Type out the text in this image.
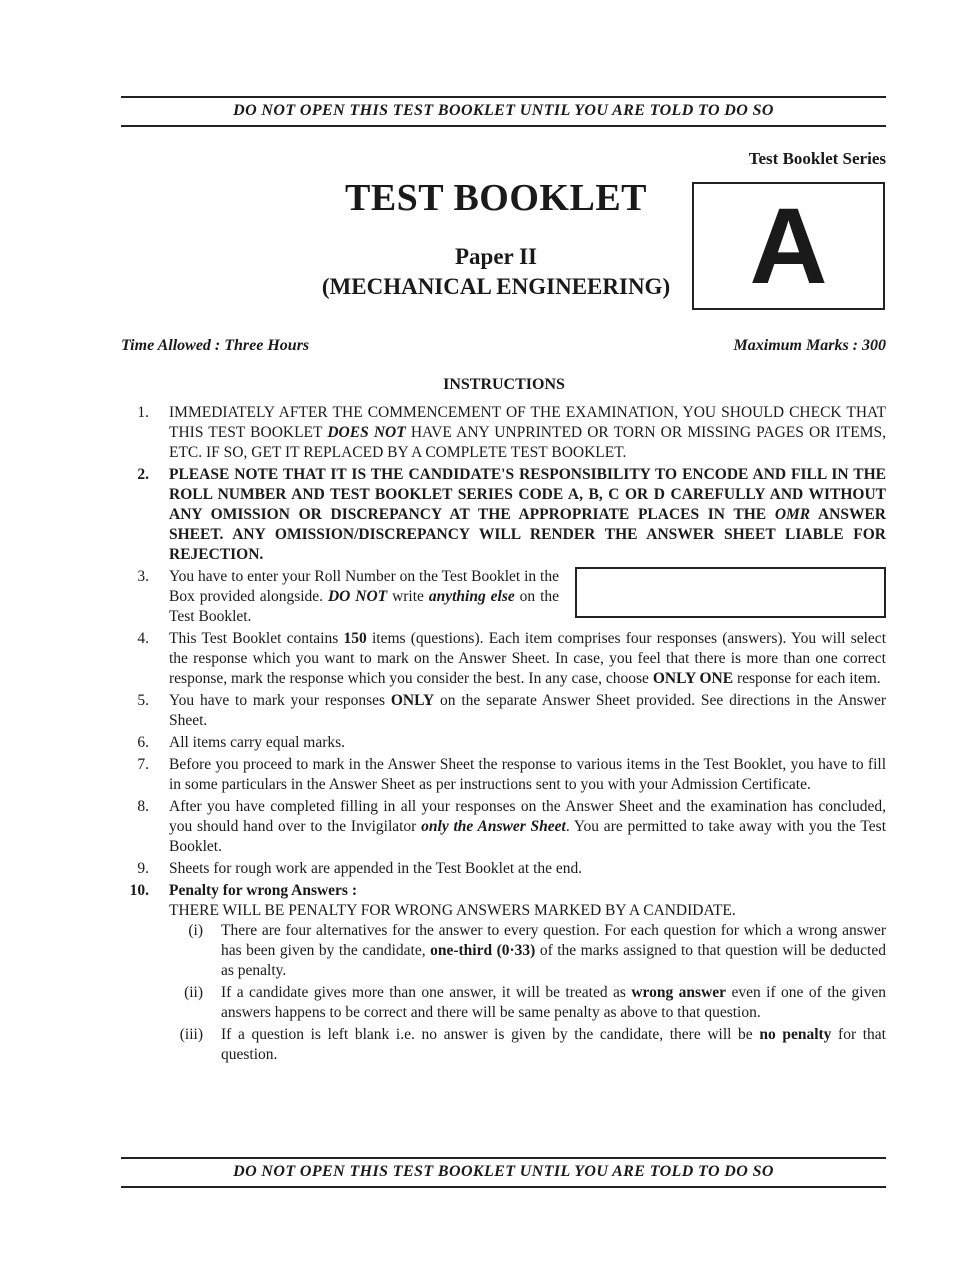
DO NOT OPEN THIS TEST BOOKLET UNTIL YOU ARE TOLD TO DO SO
Test Booklet Series
A
TEST BOOKLET
Paper II
(MECHANICAL ENGINEERING)
Time Allowed : Three Hours	Maximum Marks : 300
INSTRUCTIONS
1. IMMEDIATELY AFTER THE COMMENCEMENT OF THE EXAMINATION, YOU SHOULD CHECK THAT THIS TEST BOOKLET DOES NOT HAVE ANY UNPRINTED OR TORN OR MISSING PAGES OR ITEMS, ETC. IF SO, GET IT REPLACED BY A COMPLETE TEST BOOKLET.
2. PLEASE NOTE THAT IT IS THE CANDIDATE'S RESPONSIBILITY TO ENCODE AND FILL IN THE ROLL NUMBER AND TEST BOOKLET SERIES CODE A, B, C OR D CAREFULLY AND WITHOUT ANY OMISSION OR DISCREPANCY AT THE APPROPRIATE PLACES IN THE OMR ANSWER SHEET. ANY OMISSION/DISCREPANCY WILL RENDER THE ANSWER SHEET LIABLE FOR REJECTION.
3. You have to enter your Roll Number on the Test Booklet in the Box provided alongside. DO NOT write anything else on the Test Booklet.
4. This Test Booklet contains 150 items (questions). Each item comprises four responses (answers). You will select the response which you want to mark on the Answer Sheet. In case, you feel that there is more than one correct response, mark the response which you consider the best. In any case, choose ONLY ONE response for each item.
5. You have to mark your responses ONLY on the separate Answer Sheet provided. See directions in the Answer Sheet.
6. All items carry equal marks.
7. Before you proceed to mark in the Answer Sheet the response to various items in the Test Booklet, you have to fill in some particulars in the Answer Sheet as per instructions sent to you with your Admission Certificate.
8. After you have completed filling in all your responses on the Answer Sheet and the examination has concluded, you should hand over to the Invigilator only the Answer Sheet. You are permitted to take away with you the Test Booklet.
9. Sheets for rough work are appended in the Test Booklet at the end.
10. Penalty for wrong Answers :
THERE WILL BE PENALTY FOR WRONG ANSWERS MARKED BY A CANDIDATE.
(i) There are four alternatives for the answer to every question. For each question for which a wrong answer has been given by the candidate, one-third (0·33) of the marks assigned to that question will be deducted as penalty.
(ii) If a candidate gives more than one answer, it will be treated as wrong answer even if one of the given answers happens to be correct and there will be same penalty as above to that question.
(iii) If a question is left blank i.e. no answer is given by the candidate, there will be no penalty for that question.
DO NOT OPEN THIS TEST BOOKLET UNTIL YOU ARE TOLD TO DO SO
